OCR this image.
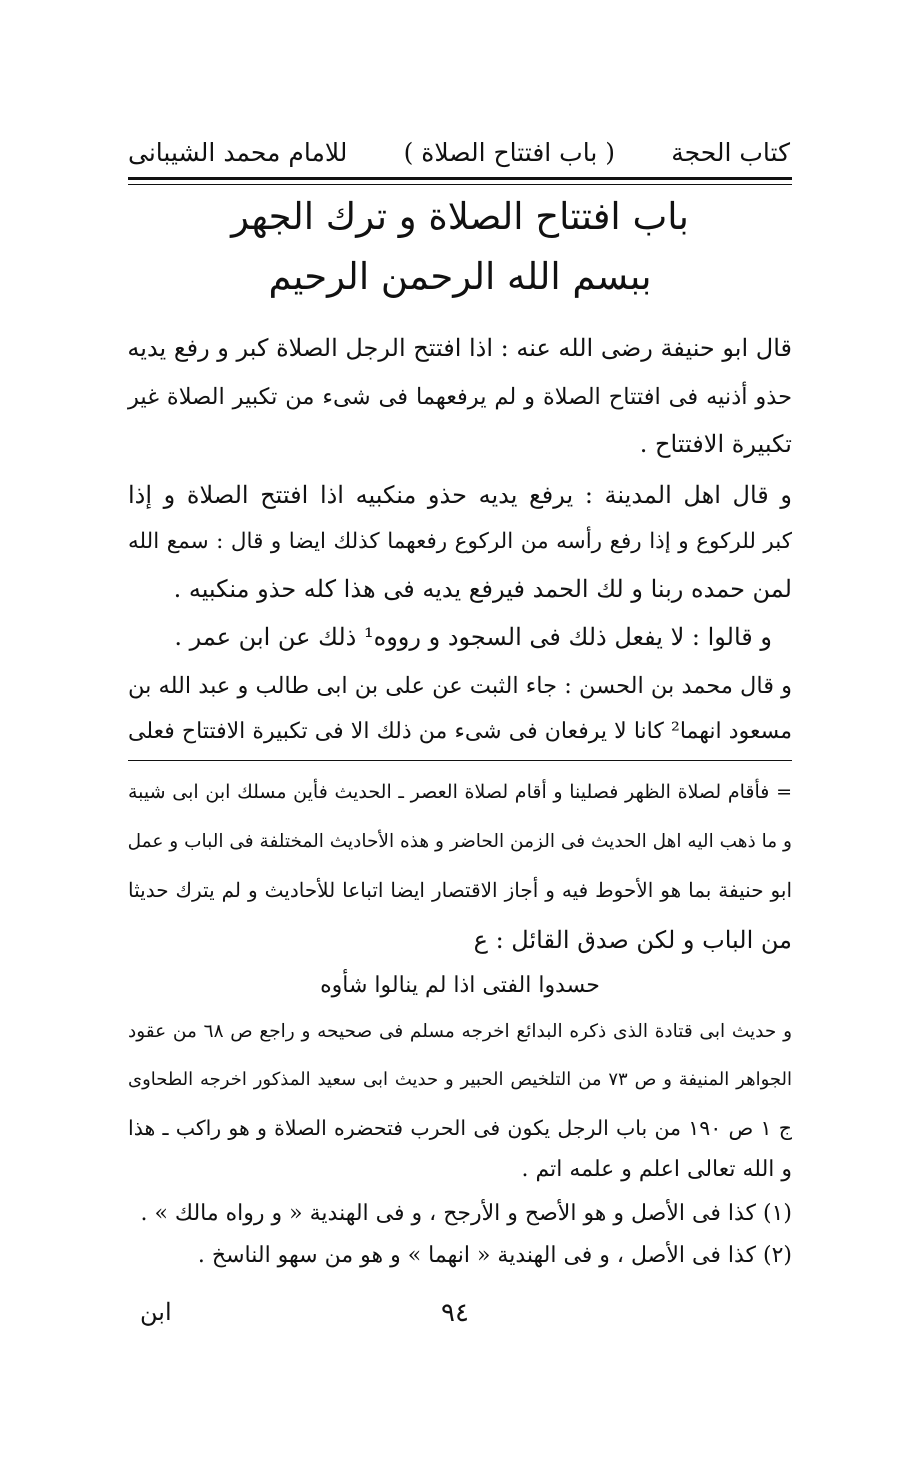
كتاب الحجة
( باب افتتاح الصلاة )
للامام محمد الشيبانى
باب افتتاح الصلاة و ترك الجهر
ببسم الله الرحمن الرحيم
قال ابو حنيفة رضى الله عنه : اذا افتتح الرجل الصلاة كبر و رفع يديه
حذو أذنيه فى افتتاح الصلاة و لم يرفعهما فى شىء من تكبير الصلاة غير
تكبيرة الافتتاح .
و قال اهل المدينة : يرفع يديه حذو منكبيه اذا افتتح الصلاة و إذا
كبر للركوع و إذا رفع رأسه من الركوع رفعهما كذلك ايضا و قال : سمع الله
لمن حمده ربنا و لك الحمد فيرفع يديه فى هذا كله حذو منكبيه .
و قالوا : لا يفعل ذلك فى السجود و رووه¹ ذلك عن ابن عمر .
و قال محمد بن الحسن : جاء الثبت عن على بن ابى طالب و عبد الله بن
مسعود انهما² كانا لا يرفعان فى شىء من ذلك الا فى تكبيرة الافتتاح فعلى
= فأقام لصلاة الظهر فصلينا و أقام لصلاة العصر ـ الحديث فأين مسلك ابن ابى شيبة
و ما ذهب اليه اهل الحديث فى الزمن الحاضر و هذه الأحاديث المختلفة فى الباب و عمل
ابو حنيفة بما هو الأحوط فيه و أجاز الاقتصار ايضا اتباعا للأحاديث و لم يترك حديثا
من الباب و لكن صدق القائل : ع
حسدوا الفتى اذا لم ينالوا شأوه
و حديث ابى قتادة الذى ذكره البدائع اخرجه مسلم فى صحيحه و راجع ص ٦٨ من عقود
الجواهر المنيفة و ص ٧٣ من التلخيص الحبير و حديث ابى سعيد المذكور اخرجه الطحاوى
ج ١ ص ١٩٠ من باب الرجل يكون فى الحرب فتحضره الصلاة و هو راكب ـ هذا
و الله تعالى اعلم و علمه اتم .
(١) كذا فى الأصل و هو الأصح و الأرجح ، و فى الهندية « و رواه مالك » .
(٢) كذا فى الأصل ، و فى الهندية « انهما » و هو من سهو الناسخ .
٩٤
ابن
